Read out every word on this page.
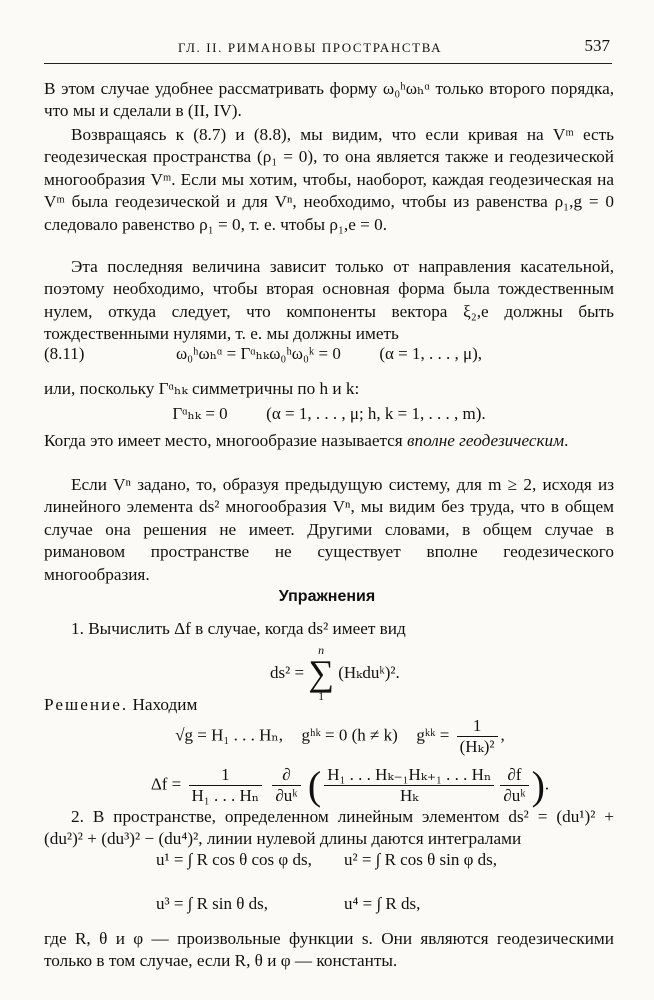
ГЛ. II. РИМАНОВЫ ПРОСТРАНСТВА	537
В этом случае удобнее рассматривать форму ω₀ʰωₕᵅ только второго порядка, что мы и сделали в (II, IV).
Возвращаясь к (8.7) и (8.8), мы видим, что если кривая на Vᵐ есть геодезическая пространства (ρ₁ = 0), то она является также и геодезической многообразия Vᵐ. Если мы хотим, чтобы, наоборот, каждая геодезическая на Vᵐ была геодезической и для Vⁿ, необходимо, чтобы из равенства ρ₁,g = 0 следовало равенство ρ₁ = 0, т. е. чтобы ρ₁,e = 0.
Эта последняя величина зависит только от направления касательной, поэтому необходимо, чтобы вторая основная форма была тождественным нулем, откуда следует, что компоненты вектора ξ₂,e должны быть тождественными нулями, т. е. мы должны иметь
(8.11)	ω₀ʰωₕᵅ = Γᵅₕₖω₀ʰω₀ᵏ = 0 (α = 1, . . . , μ),
или, поскольку Γᵅₕₖ симметричны по h и k:
Γᵅₕₖ = 0 (α = 1, . . . , μ; h, k = 1, . . . , m).
Когда это имеет место, многообразие называется вполне геодезическим.
Если Vⁿ задано, то, образуя предыдущую систему, для m ≥ 2, исходя из линейного элемента ds² многообразия Vⁿ, мы видим без труда, что в общем случае она решения не имеет. Другими словами, в общем случае в римановом пространстве не существует вполне геодезического многообразия.
Упражнения
1. Вычислить Δf в случае, когда ds² имеет вид
ds² =
n
∑
1
(Hₖduᵏ)².
Решение. Находим
√g = H₁ . . . Hₙ, gʰᵏ = 0 (h ≠ k) gᵏᵏ = $\frac{1}{\text{(Hₖ)²}}$ ,
$\Delta f = \frac{1}{\text{H₁ . . . Hₙ}}$
$\frac{\partial}{\text{∂uᵏ}}$ ( $\frac{\text{H₁ . . . Hₖ₋₁Hₖ₊₁ . . . Hₙ}}{\text{Hₖ}} \frac{\partial f}{\text{∂uᵏ}}$ ).
2. В пространстве, определенном линейным элементом ds² = (du¹)² + (du²)² + (du³)² − (du⁴)², линии нулевой длины даются интегралами
u¹ = ∫ R cos θ cos φ ds, u² = ∫ R cos θ sin φ ds,
u³ = ∫ R sin θ ds,	u⁴ = ∫ R ds,
где R, θ и φ — произвольные функции s. Они являются геодезическими только в том случае, если R, θ и φ — константы.
